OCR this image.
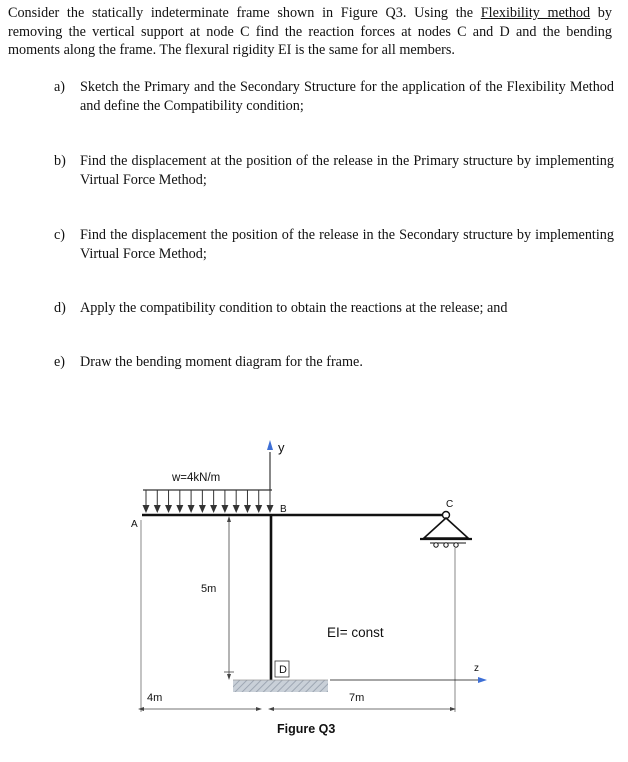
Consider the statically indeterminate frame shown in Figure Q3. Using the Flexibility method by removing the vertical support at node C find the reaction forces at nodes C and D and the bending moments along the frame. The flexural rigidity EI is the same for all members.
a)	Sketch the Primary and the Secondary Structure for the application of the Flexibility Method and define the Compatibility condition;
b) Find the displacement at the position of the release in the Primary structure by implementing Virtual Force Method;
c)	Find the displacement the position of the release in the Secondary structure by implementing Virtual Force Method;
d) Apply the compatibility condition to obtain the reactions at the release; and
e)	Draw the bending moment diagram for the frame.
y
w=4kN/m
A
B	C
D
5m
EI= const
z
4m	7m
Figure Q3
